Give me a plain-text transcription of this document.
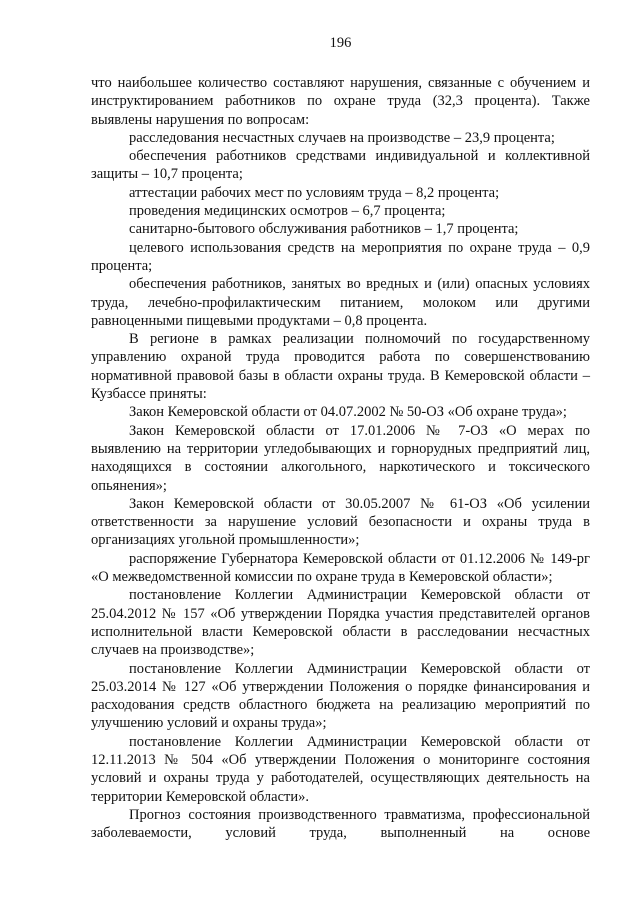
196

что наибольшее количество составляют нарушения, связанные с обучением и инструктированием работников по охране труда (32,3 процента). Также выявлены нарушения по вопросам:

расследования несчастных случаев на производстве – 23,9 процента;

обеспечения работников средствами индивидуальной и коллективной защиты – 10,7 процента;

аттестации рабочих мест по условиям труда – 8,2 процента;

проведения медицинских осмотров – 6,7 процента;

санитарно-бытового обслуживания работников – 1,7 процента;

целевого использования средств на мероприятия по охране труда – 0,9 процента;

обеспечения работников, занятых во вредных и (или) опасных условиях труда, лечебно-профилактическим питанием, молоком или другими равноценными пищевыми продуктами – 0,8 процента.

В регионе в рамках реализации полномочий по государственному управлению охраной труда проводится работа по совершенствованию нормативной правовой базы в области охраны труда. В Кемеровской области – Кузбассе приняты:

Закон Кемеровской области от 04.07.2002 № 50-ОЗ «Об охране труда»;

Закон Кемеровской области от 17.01.2006 № 7-ОЗ «О мерах по выявлению на территории угледобывающих и горнорудных предприятий лиц, находящихся в состоянии алкогольного, наркотического и токсического опьянения»;

Закон Кемеровской области от 30.05.2007 № 61-ОЗ «Об усилении ответственности за нарушение условий безопасности и охраны труда в организациях угольной промышленности»;

распоряжение Губернатора Кемеровской области от 01.12.2006 № 149-рг «О межведомственной комиссии по охране труда в Кемеровской области»;

постановление Коллегии Администрации Кемеровской области от 25.04.2012 № 157 «Об утверждении Порядка участия представителей органов исполнительной власти Кемеровской области в расследовании несчастных случаев на производстве»;

постановление Коллегии Администрации Кемеровской области от 25.03.2014 № 127 «Об утверждении Положения о порядке финансирования и расходования средств областного бюджета на реализацию мероприятий по улучшению условий и охраны труда»;

постановление Коллегии Администрации Кемеровской области от 12.11.2013 № 504 «Об утверждении Положения о мониторинге состояния условий и охраны труда у работодателей, осуществляющих деятельность на территории Кемеровской области».

Прогноз состояния производственного травматизма, профессиональной заболеваемости, условий труда, выполненный на основе
